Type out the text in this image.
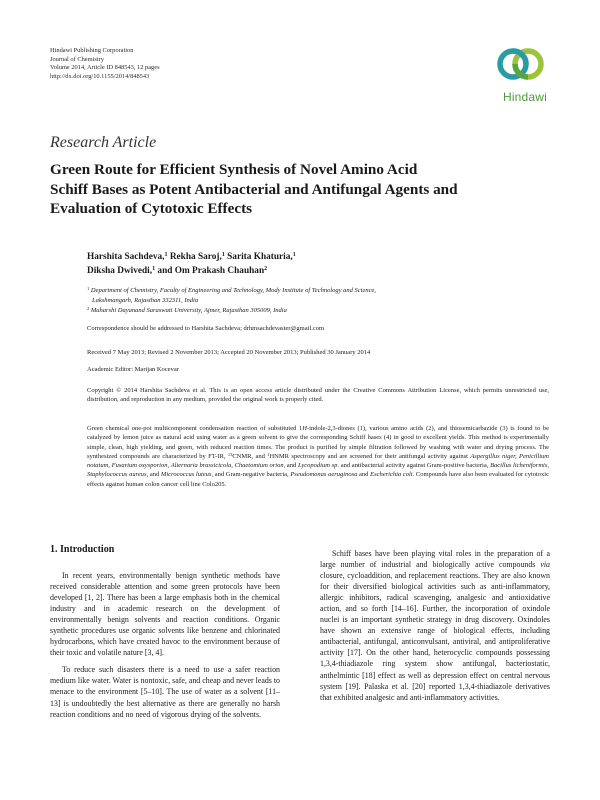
Hindawi Publishing Corporation
Journal of Chemistry
Volume 2014, Article ID 848543, 12 pages
http://dx.doi.org/10.1155/2014/848543
Hindawi
Research Article
Green Route for Efficient Synthesis of Novel Amino Acid
Schiff Bases as Potent Antibacterial and Antifungal Agents and
Evaluation of Cytotoxic Effects
Harshita Sachdeva,$^1$ Rekha Saroj,$^1$ Sarita Khaturia,$^1$
Diksha Dwivedi,$^1$ and Om Prakash Chauhan$^2$
$^1$ Department of Chemistry, Faculty of Engineering and Technology, Mody Institute of Technology and Science,
Lakshmangarh, Rajasthan 332311, India
$^2$ Maharshi Dayanand Saraswati University, Ajmer, Rajasthan 305009, India
Correspondence should be addressed to Harshita Sachdeva; drhmsachdevaster@gmail.com
Received 7 May 2013; Revised 2 November 2013; Accepted 20 November 2013; Published 30 January 2014
Academic Editor: Marijan Kocevar
Copyright © 2014 Harshita Sachdeva et al. This is an open access article distributed under the Creative Commons Attribution License, which permits unrestricted use, distribution, and reproduction in any medium, provided the original work is properly cited.
Green chemical one-pot multicomponent condensation reaction of substituted 1H-indole-2,3-diones (1), various amino acids (2), and thiosemicarbazide (3) is found to be catalyzed by lemon juice as natural acid using water as a green solvent to give the corresponding Schiff bases (4) in good to excellent yields. This method is experimentally simple, clean, high yielding, and green, with reduced reaction times. The product is purified by simple filtration followed by washing with water and drying process. The synthesized compounds are characterized by FT-IR, $^{13}$CNMR, and $^1$HNMR spectroscopy and are screened for their antifungal activity against Aspergillus niger, Penicillium notatum, Fusarium oxysporion, Alternaria brassicicola, Chaetomium orion, and Lycopodium sp. and antibacterial activity against Gram-positive bacteria, Bacillus licheniformis, Staphylococcus aureus, and Micrococcus luteus, and Gram-negative bacteria, Pseudomonas aeruginosa and Escherichia coli. Compounds have also been evaluated for cytotoxic effects against human colon cancer cell line Colo205.
1. Introduction

In recent years, environmentally benign synthetic methods have received considerable attention and some green protocols have been developed [1, 2]. There has been a large emphasis both in the chemical industry and in academic research on the development of environmentally benign solvents and reaction conditions. Organic synthetic procedures use organic solvents like benzene and chlorinated hydrocarbons, which have created havoc to the environment because of their toxic and volatile nature [3, 4].

To reduce such disasters there is a need to use a safer reaction medium like water. Water is nontoxic, safe, and cheap and never leads to menace to the environment [5–10]. The use of water as a solvent [11–13] is undoubtedly the best alternative as there are generally no harsh reaction conditions and no need of vigorous drying of the solvents.

Schiff bases have been playing vital roles in the preparation of a large number of industrial and biologically active compounds via closure, cycloaddition, and replacement reactions. They are also known for their diversified biological activities such as anti-inflammatory, allergic inhibitors, radical scavenging, analgesic and antioxidative action, and so forth [14–16]. Further, the incorporation of oxindole nuclei is an important synthetic strategy in drug discovery. Oxindoles have shown an extensive range of biological effects, including antibacterial, antifungal, anticonvulsant, antiviral, and antiproliferative activity [17]. On the other hand, heterocyclic compounds possessing 1,3,4-thiadiazole ring system show antifungal, bacteriostatic, anthelmintic [18] effect as well as depression effect on central nervous system [19]. Palaska et al. [20] reported 1,3,4-thiadiazole derivatives that exhibited analgesic and anti-inflammatory activities.
